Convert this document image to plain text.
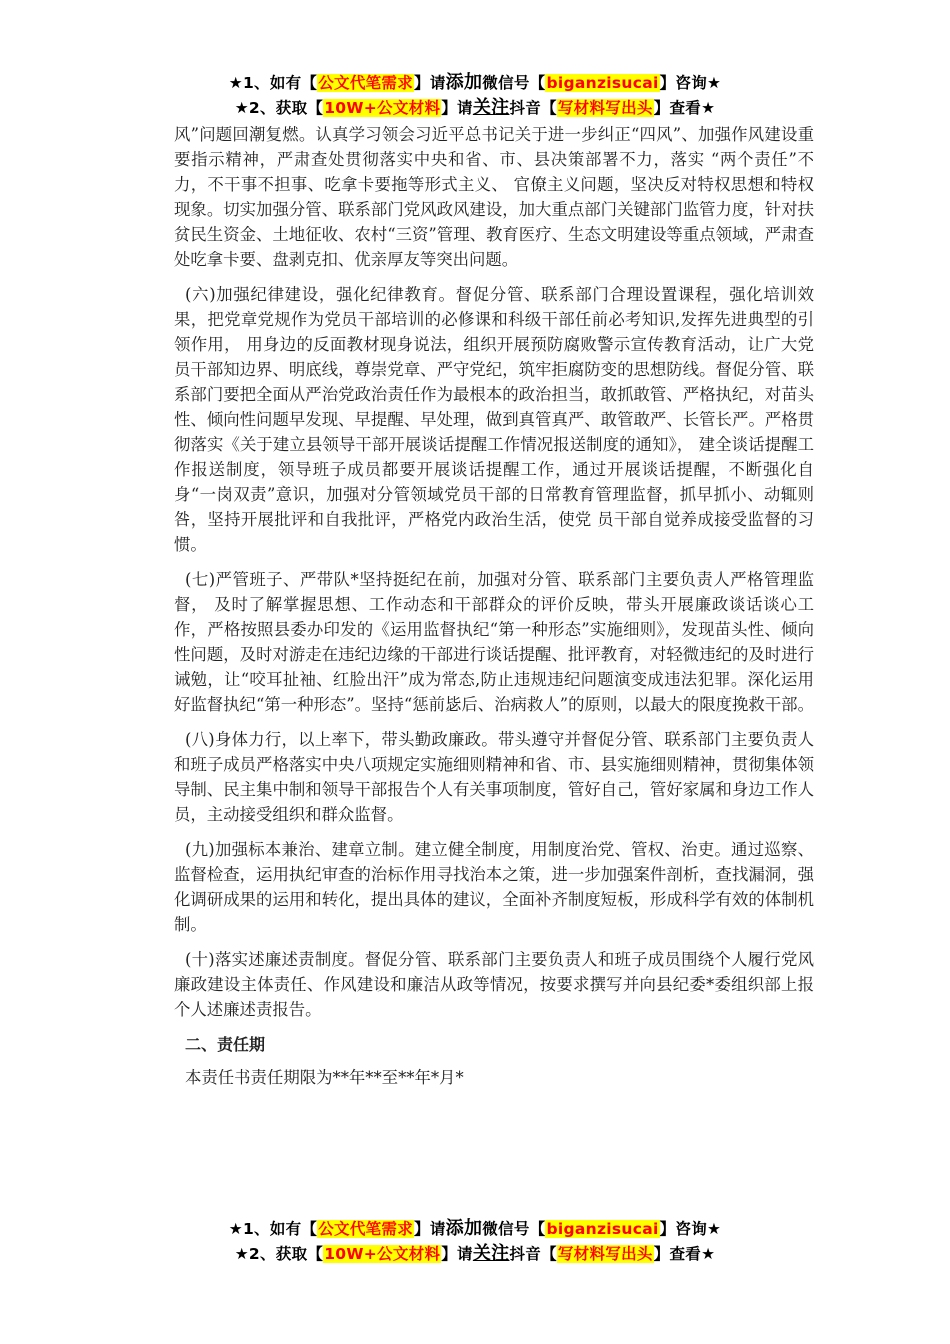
★1、如有【公文代笔需求】请添加微信号【biganzisucai】咨询★
★2、获取【10W+公文材料】请关注抖音【写材料写出头】查看★

风”问题回潮复燃。认真学习领会习近平总书记关于进一步纠正“四风”、加强作风建设重要指示精神，严肃查处贯彻落实中央和省、市、县决策部署不力，落实 “两个责任”不力，不干事不担事、吃拿卡要拖等形式主义、 官僚主义问题，坚决反对特权思想和特权现象。切实加强分管、联系部门党风政风建设，加大重点部门关键部门监管力度，针对扶贫民生资金、土地征收、农村“三资”管理、教育医疗、生态文明建设等重点领域，严肃查处吃拿卡要、盘剥克扣、优亲厚友等突出问题。

(六)加强纪律建设，强化纪律教育。督促分管、联系部门合理设置课程，强化培训效果，把党章党规作为党员干部培训的必修课和科级干部任前必考知识,发挥先进典型的引领作用， 用身边的反面教材现身说法，组织开展预防腐败警示宣传教育活动，让广大党员干部知边界、明底线，尊崇党章、严守党纪，筑牢拒腐防变的思想防线。督促分管、联系部门要把全面从严治党政治责任作为最根本的政治担当，敢抓敢管、严格执纪，对苗头性、倾向性问题早发现、早提醒、早处理，做到真管真严、敢管敢严、长管长严。严格贯彻落实《关于建立县领导干部开展谈话提醒工作情况报送制度的通知》， 建全谈话提醒工作报送制度，领导班子成员都要开展谈话提醒工作，通过开展谈话提醒，不断强化自身“一岗双责”意识，加强对分管领域党员干部的日常教育管理监督，抓早抓小、动辄则咎，坚持开展批评和自我批评，严格党内政治生活，使党 员干部自觉养成接受监督的习惯。

(七)严管班子、严带队*坚持挺纪在前，加强对分管、联系部门主要负责人严格管理监督， 及时了解掌握思想、工作动态和干部群众的评价反映，带头开展廉政谈话谈心工作，严格按照县委办印发的《运用监督执纪“第一种形态”实施细则》，发现苗头性、倾向性问题，及时对游走在违纪边缘的干部进行谈话提醒、批评教育，对轻微违纪的及时进行诫勉，让“咬耳扯袖、红脸出汗”成为常态,防止违规违纪问题演变成违法犯罪。深化运用好监督执纪“第一种形态”。坚持“惩前毖后、治病救人”的原则，以最大的限度挽救干部。

(八)身体力行，以上率下，带头勤政廉政。带头遵守并督促分管、联系部门主要负责人和班子成员严格落实中央八项规定实施细则精神和省、市、县实施细则精神，贯彻集体领导制、民主集中制和领导干部报告个人有关事项制度，管好自己，管好家属和身边工作人员，主动接受组织和群众监督。

(九)加强标本兼治、建章立制。建立健全制度，用制度治党、管权、治吏。通过巡察、监督检查，运用执纪审查的治标作用寻找治本之策，进一步加强案件剖析，查找漏洞，强化调研成果的运用和转化，提出具体的建议，全面补齐制度短板，形成科学有效的体制机制。

(十)落实述廉述责制度。督促分管、联系部门主要负责人和班子成员围绕个人履行党风廉政建设主体责任、作风建设和廉洁从政等情况，按要求撰写并向县纪委*委组织部上报个人述廉述责报告。

二、责任期

本责任书责任期限为**年**至**年*月*

★1、如有【公文代笔需求】请添加微信号【biganzisucai】咨询★
★2、获取【10W+公文材料】请关注抖音【写材料写出头】查看★
